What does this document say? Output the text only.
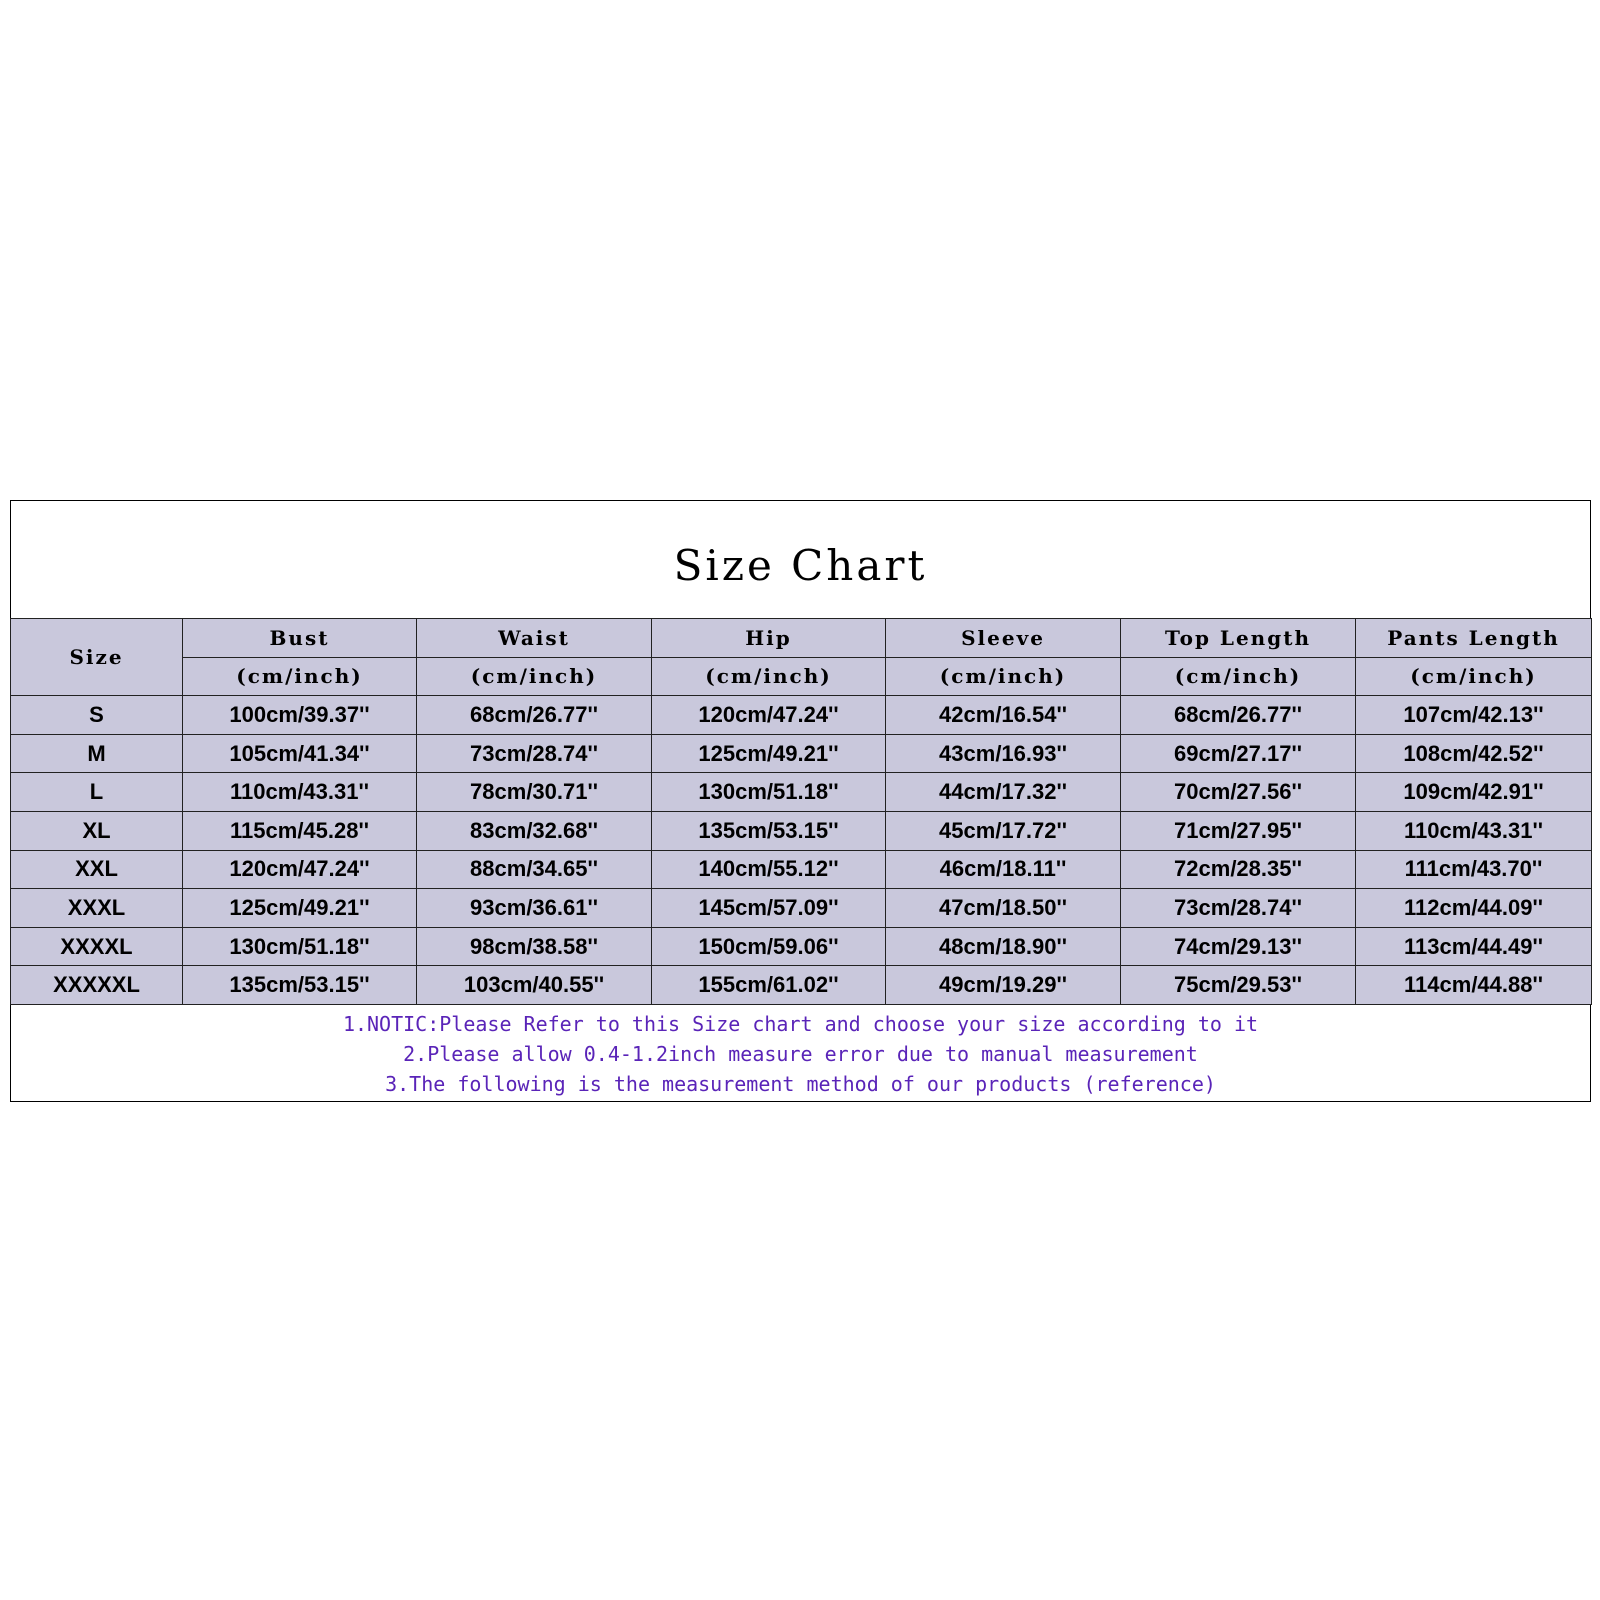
Size Chart
Size	Bust	Waist	Hip	Sleeve	Top Length	Pants Length
	(cm/inch)	(cm/inch)	(cm/inch)	(cm/inch)	(cm/inch)	(cm/inch)
S	100cm/39.37''	68cm/26.77''	120cm/47.24''	42cm/16.54''	68cm/26.77''	107cm/42.13''
M	105cm/41.34''	73cm/28.74''	125cm/49.21''	43cm/16.93''	69cm/27.17''	108cm/42.52''
L	110cm/43.31''	78cm/30.71''	130cm/51.18''	44cm/17.32''	70cm/27.56''	109cm/42.91''
XL	115cm/45.28''	83cm/32.68''	135cm/53.15''	45cm/17.72''	71cm/27.95''	110cm/43.31''
XXL	120cm/47.24''	88cm/34.65''	140cm/55.12''	46cm/18.11''	72cm/28.35''	111cm/43.70''
XXXL	125cm/49.21''	93cm/36.61''	145cm/57.09''	47cm/18.50''	73cm/28.74''	112cm/44.09''
XXXXL	130cm/51.18''	98cm/38.58''	150cm/59.06''	48cm/18.90''	74cm/29.13''	113cm/44.49''
XXXXXL	135cm/53.15''	103cm/40.55''	155cm/61.02''	49cm/19.29''	75cm/29.53''	114cm/44.88''
1.NOTIC:Please Refer to this Size chart and choose your size according to it
2.Please allow 0.4-1.2inch measure error due to manual measurement
3.The following is the measurement method of our products (reference)
